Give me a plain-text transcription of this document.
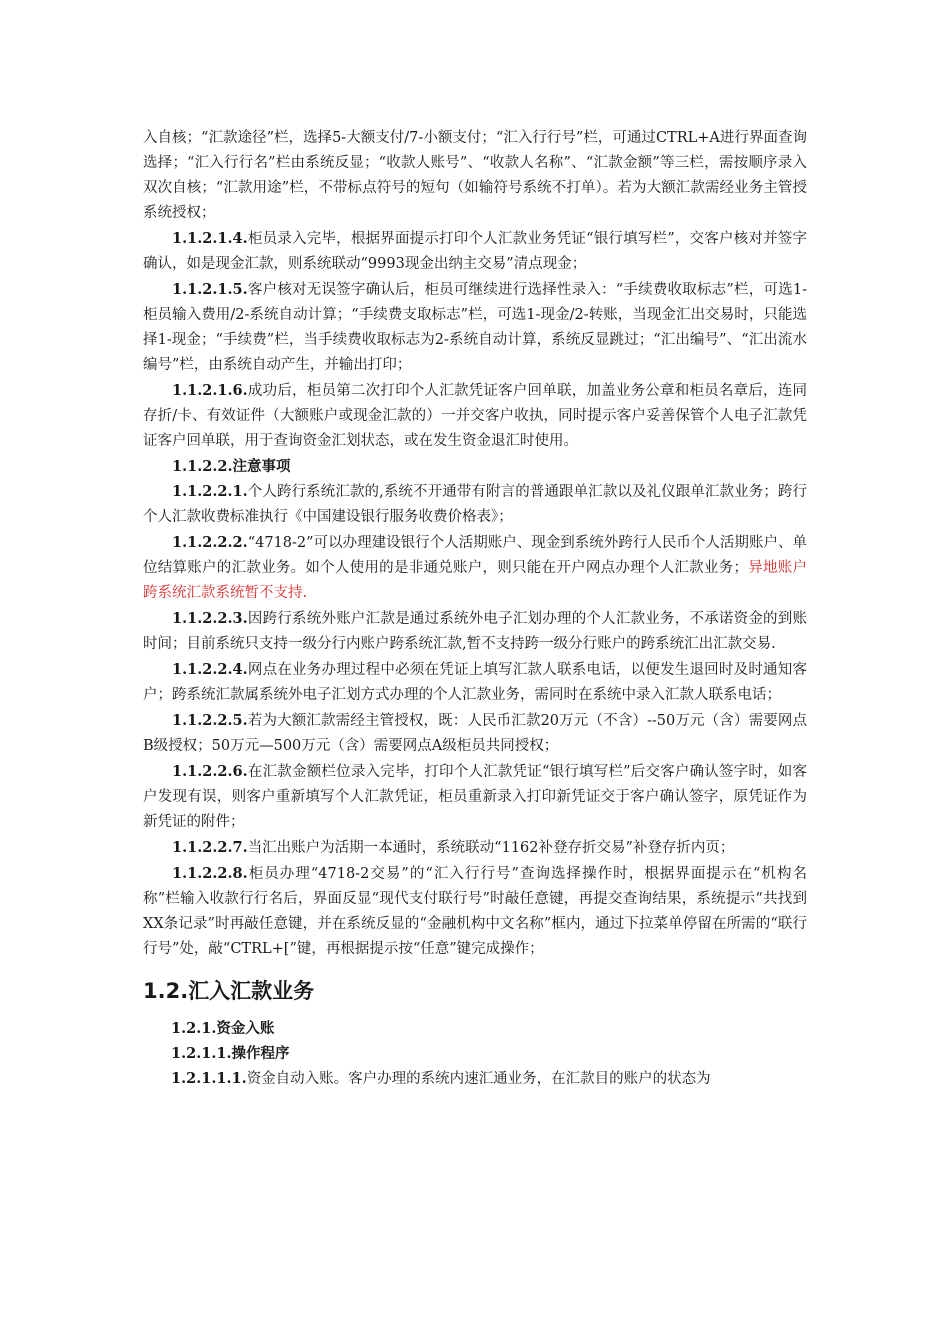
入自核；“汇款途径”栏，选择5-大额支付/7-小额支付；“汇入行行号”栏，可通过CTRL+A进行界面查询选择；“汇入行行名”栏由系统反显；“收款人账号”、“收款人名称”、“汇款金额”等三栏，需按顺序录入双次自核；“汇款用途”栏，不带标点符号的短句（如输符号系统不打单）。若为大额汇款需经业务主管授系统授权；

1.1.2.1.4.柜员录入完毕，根据界面提示打印个人汇款业务凭证“银行填写栏”，交客户核对并签字确认，如是现金汇款，则系统联动“9993现金出纳主交易”清点现金；

1.1.2.1.5.客户核对无误签字确认后，柜员可继续进行选择性录入：“手续费收取标志”栏，可选1-柜员输入费用/2-系统自动计算；“手续费支取标志”栏，可选1-现金/2-转账，当现金汇出交易时，只能选择1-现金；“手续费”栏，当手续费收取标志为2-系统自动计算，系统反显跳过；“汇出编号”、“汇出流水编号”栏，由系统自动产生，并输出打印；

1.1.2.1.6.成功后，柜员第二次打印个人汇款凭证客户回单联，加盖业务公章和柜员名章后，连同存折/卡、有效证件（大额账户或现金汇款的）一并交客户收执，同时提示客户妥善保管个人电子汇款凭证客户回单联，用于查询资金汇划状态，或在发生资金退汇时使用。

1.1.2.2.注意事项

1.1.2.2.1.个人跨行系统汇款的,系统不开通带有附言的普通跟单汇款以及礼仪跟单汇款业务；跨行个人汇款收费标准执行《中国建设银行服务收费价格表》；

1.1.2.2.2.“4718-2”可以办理建设银行个人活期账户、现金到系统外跨行人民币个人活期账户、单位结算账户的汇款业务。如个人使用的是非通兑账户，则只能在开户网点办理个人汇款业务；异地账户跨系统汇款系统暂不支持.

1.1.2.2.3.因跨行系统外账户汇款是通过系统外电子汇划办理的个人汇款业务，不承诺资金的到账时间；目前系统只支持一级分行内账户跨系统汇款,暂不支持跨一级分行账户的跨系统汇出汇款交易.

1.1.2.2.4.网点在业务办理过程中必须在凭证上填写汇款人联系电话，以便发生退回时及时通知客户；跨系统汇款属系统外电子汇划方式办理的个人汇款业务，需同时在系统中录入汇款人联系电话；

1.1.2.2.5.若为大额汇款需经主管授权，既：人民币汇款20万元（不含）--50万元（含）需要网点B级授权；50万元—500万元（含）需要网点A级柜员共同授权；

1.1.2.2.6.在汇款金额栏位录入完毕，打印个人汇款凭证“银行填写栏”后交客户确认签字时，如客户发现有误，则客户重新填写个人汇款凭证，柜员重新录入打印新凭证交于客户确认签字，原凭证作为新凭证的附件；

1.1.2.2.7.当汇出账户为活期一本通时，系统联动“1162补登存折交易”补登存折内页；

1.1.2.2.8.柜员办理“4718-2交易”的“汇入行行号”查询选择操作时，根据界面提示在“机构名称”栏输入收款行行名后，界面反显“现代支付联行号”时敲任意键，再提交查询结果，系统提示“共找到XX条记录”时再敲任意键，并在系统反显的“金融机构中文名称”框内，通过下拉菜单停留在所需的“联行行号”处，敲“CTRL+[”键，再根据提示按“任意”键完成操作；

1.2.汇入汇款业务

1.2.1.资金入账

1.2.1.1.操作程序

1.2.1.1.1.资金自动入账。客户办理的系统内速汇通业务，在汇款目的账户的状态为
